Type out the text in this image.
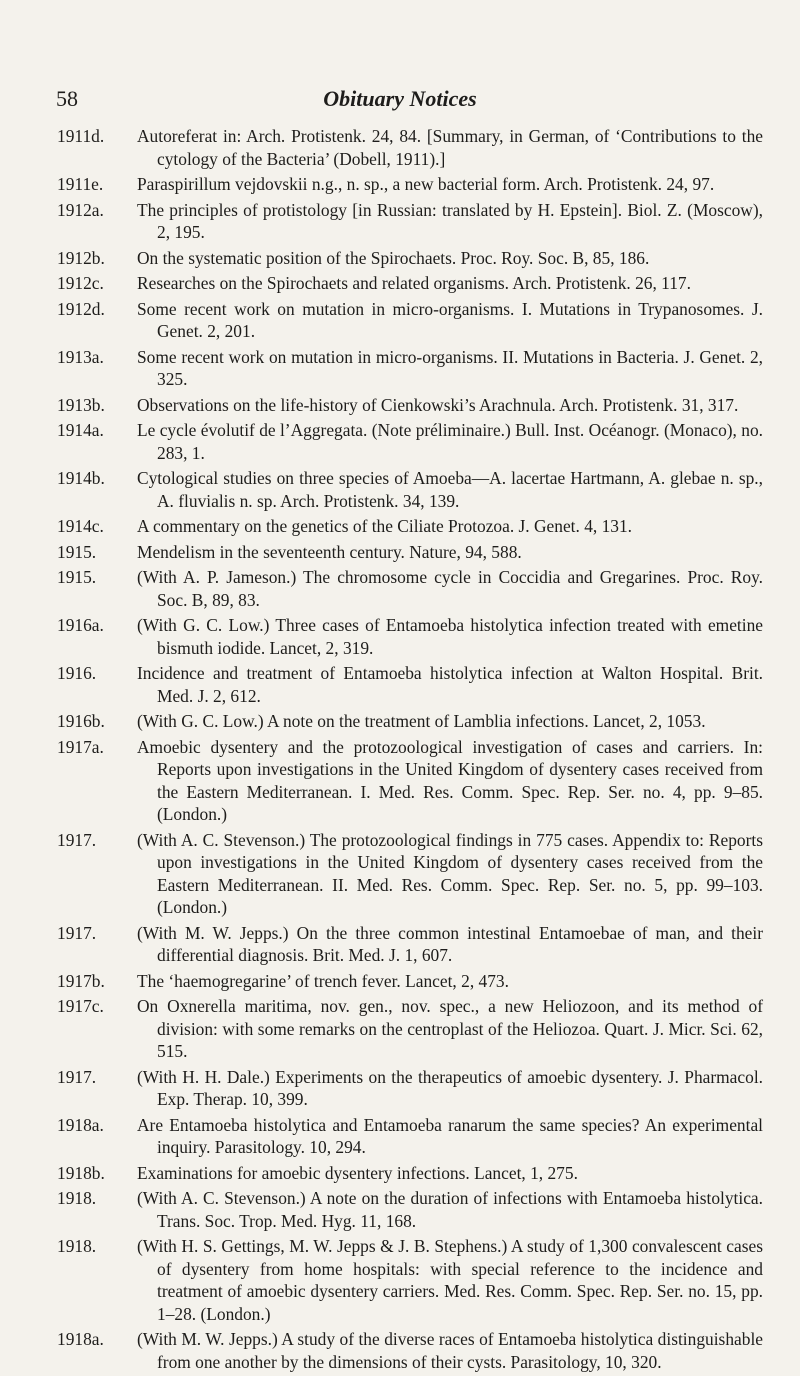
58	Obituary Notices
1911d. Autoreferat in: Arch. Protistenk. 24, 84. [Summary, in German, of ‘Contributions to the cytology of the Bacteria’ (Dobell, 1911).]
1911e. Paraspirillum vejdovskii n.g., n. sp., a new bacterial form. Arch. Protistenk. 24, 97.
1912a. The principles of protistology [in Russian: translated by H. Epstein]. Biol. Z. (Moscow), 2, 195.
1912b. On the systematic position of the Spirochaets. Proc. Roy. Soc. B, 85, 186.
1912c. Researches on the Spirochaets and related organisms. Arch. Protistenk. 26, 117.
1912d. Some recent work on mutation in micro-organisms. I. Mutations in Trypanosomes. J. Genet. 2, 201.
1913a. Some recent work on mutation in micro-organisms. II. Mutations in Bacteria. J. Genet. 2, 325.
1913b. Observations on the life-history of Cienkowski’s Arachnula. Arch. Protistenk. 31, 317.
1914a. Le cycle évolutif de l’Aggregata. (Note préliminaire.) Bull. Inst. Océanogr. (Monaco), no. 283, 1.
1914b. Cytological studies on three species of Amoeba—A. lacertae Hartmann, A. glebae n. sp., A. fluvialis n. sp. Arch. Protistenk. 34, 139.
1914c. A commentary on the genetics of the Ciliate Protozoa. J. Genet. 4, 131.
1915. Mendelism in the seventeenth century. Nature, 94, 588.
1915. (With A. P. Jameson.) The chromosome cycle in Coccidia and Gregarines. Proc. Roy. Soc. B, 89, 83.
1916a. (With G. C. Low.) Three cases of Entamoeba histolytica infection treated with emetine bismuth iodide. Lancet, 2, 319.
1916. Incidence and treatment of Entamoeba histolytica infection at Walton Hospital. Brit. Med. J. 2, 612.
1916b. (With G. C. Low.) A note on the treatment of Lamblia infections. Lancet, 2, 1053.
1917a. Amoebic dysentery and the protozoological investigation of cases and carriers. In: Reports upon investigations in the United Kingdom of dysentery cases received from the Eastern Mediterranean. I. Med. Res. Comm. Spec. Rep. Ser. no. 4, pp. 9–85. (London.)
1917. (With A. C. Stevenson.) The protozoological findings in 775 cases. Appendix to: Reports upon investigations in the United Kingdom of dysentery cases received from the Eastern Mediterranean. II. Med. Res. Comm. Spec. Rep. Ser. no. 5, pp. 99–103. (London.)
1917. (With M. W. Jepps.) On the three common intestinal Entamoebae of man, and their differential diagnosis. Brit. Med. J. 1, 607.
1917b. The ‘haemogregarine’ of trench fever. Lancet, 2, 473.
1917c. On Oxnerella maritima, nov. gen., nov. spec., a new Heliozoon, and its method of division: with some remarks on the centroplast of the Heliozoa. Quart. J. Micr. Sci. 62, 515.
1917. (With H. H. Dale.) Experiments on the therapeutics of amoebic dysentery. J. Pharmacol. Exp. Therap. 10, 399.
1918a. Are Entamoeba histolytica and Entamoeba ranarum the same species? An experimental inquiry. Parasitology. 10, 294.
1918b. Examinations for amoebic dysentery infections. Lancet, 1, 275.
1918. (With A. C. Stevenson.) A note on the duration of infections with Entamoeba histolytica. Trans. Soc. Trop. Med. Hyg. 11, 168.
1918. (With H. S. Gettings, M. W. Jepps & J. B. Stephens.) A study of 1,300 convalescent cases of dysentery from home hospitals: with special reference to the incidence and treatment of amoebic dysentery carriers. Med. Res. Comm. Spec. Rep. Ser. no. 15, pp. 1–28. (London.)
1918a. (With M. W. Jepps.) A study of the diverse races of Entamoeba histolytica distinguishable from one another by the dimensions of their cysts. Parasitology, 10, 320.
